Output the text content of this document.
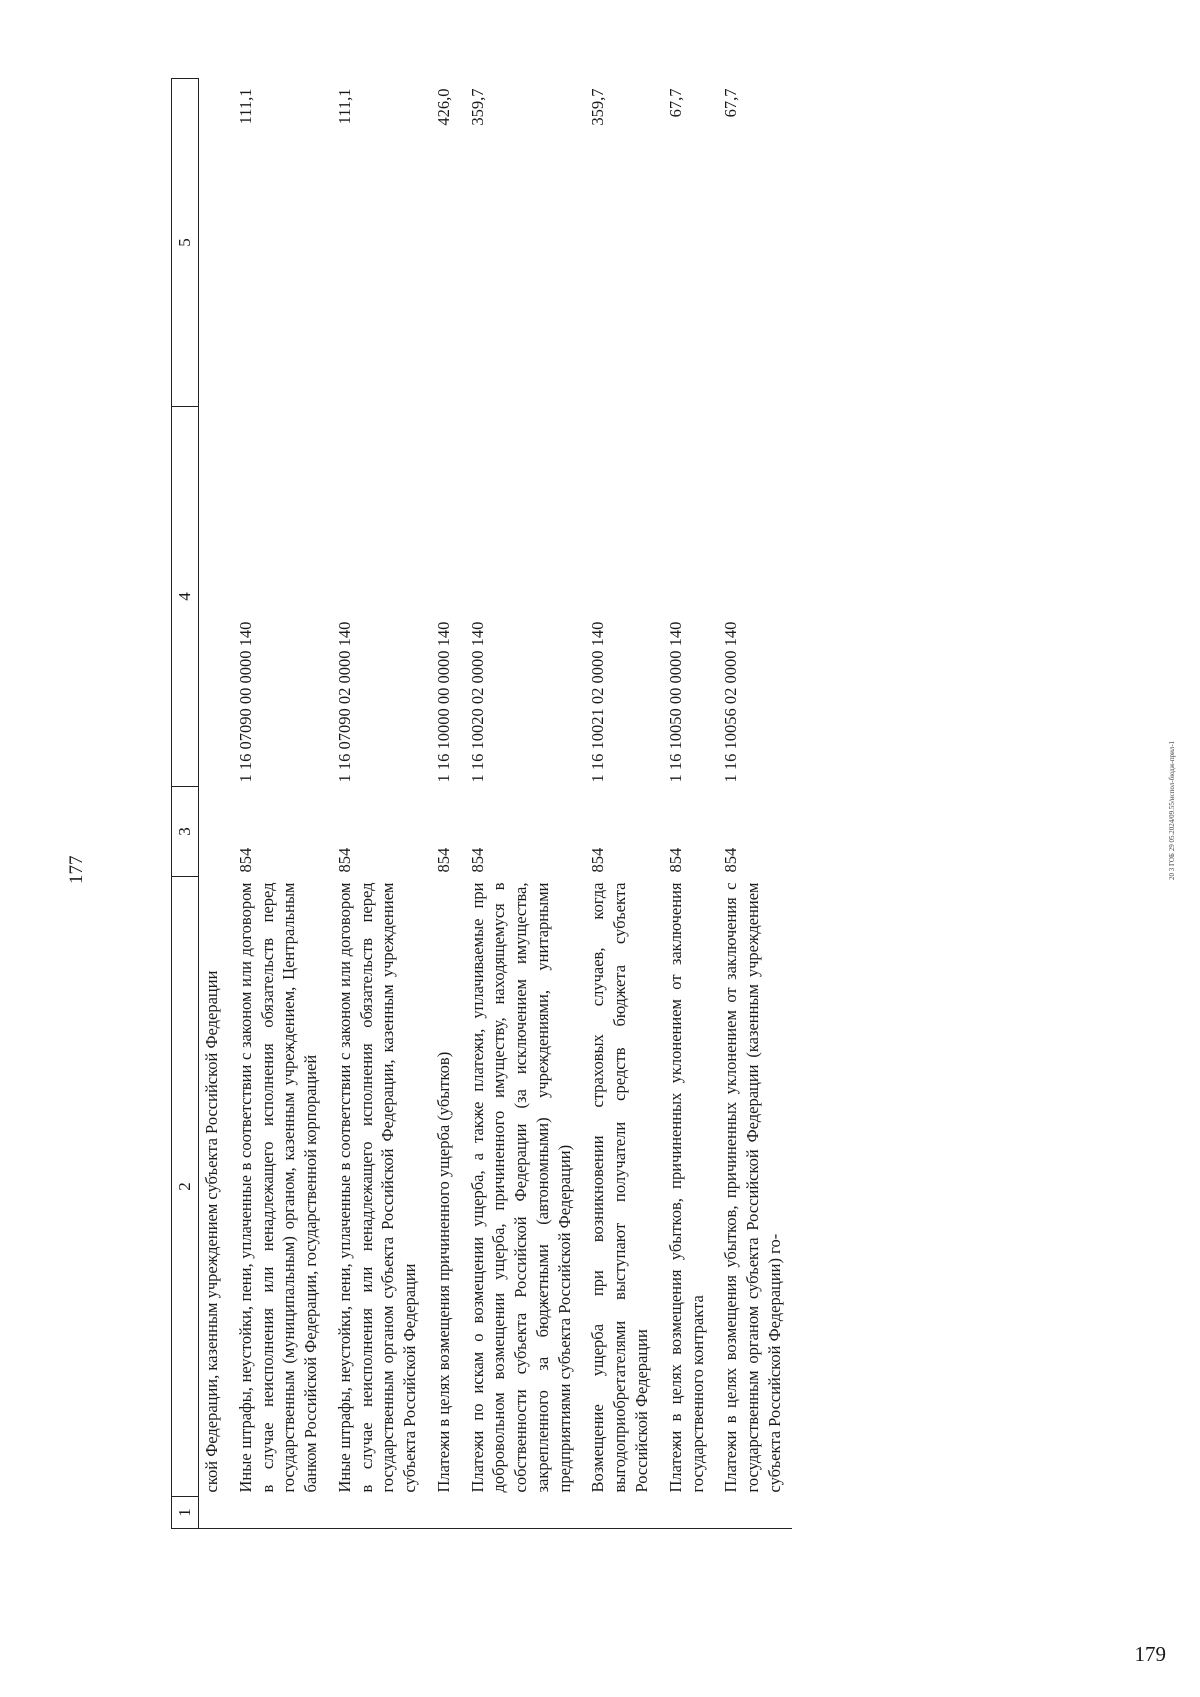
177	20 3 ГОБ 29 05.2024/09.55/испол-бюдж-прил-1
179
1	2	3	4	5
	ской Федерации, казенным учреждением субъекта Российской Федерации			
	Иные штрафы, неустойки, пени, уплаченные в соответствии с законом или договором в случае неисполнения или ненадлежащего исполнения обязательств перед государственным (муниципальным) органом, казенным учреждением, Центральным банком Российской Федерации, государственной корпорацией	854	1 16 07090 00 0000 140	111,1
	Иные штрафы, неустойки, пени, уплаченные в соответствии с законом или договором в случае неисполнения или ненадлежащего исполнения обязательств перед государственным органом субъекта Российской Федерации, казенным учреждением субъекта Российской Федерации	854	1 16 07090 02 0000 140	111,1
	Платежи в целях возмещения причиненного ущерба (убытков)	854	1 16 10000 00 0000 140	426,0
	Платежи по искам о возмещении ущерба, а также платежи, уплачиваемые при добровольном возмещении ущерба, причиненного имуществу, находящемуся в собственности субъекта Российской Федерации (за исключением имущества, закрепленного за бюджетными (автономными) учреждениями, унитарными предприятиями субъекта Российской Федерации)	854	1 16 10020 02 0000 140	359,7
	Возмещение ущерба при возникновении страховых случаев, когда выгодоприобретателями выступают получатели средств бюджета субъекта Российской Федерации	854	1 16 10021 02 0000 140	359,7
	Платежи в целях возмещения убытков, причиненных уклонением от заключения государственного контракта	854	1 16 10050 00 0000 140	67,7
	Платежи в целях возмещения убытков, причиненных уклонением от заключения с государственным органом субъекта Российской Федерации (казенным учреждением субъекта Российской Федерации) го-	854	1 16 10056 02 0000 140	67,7
